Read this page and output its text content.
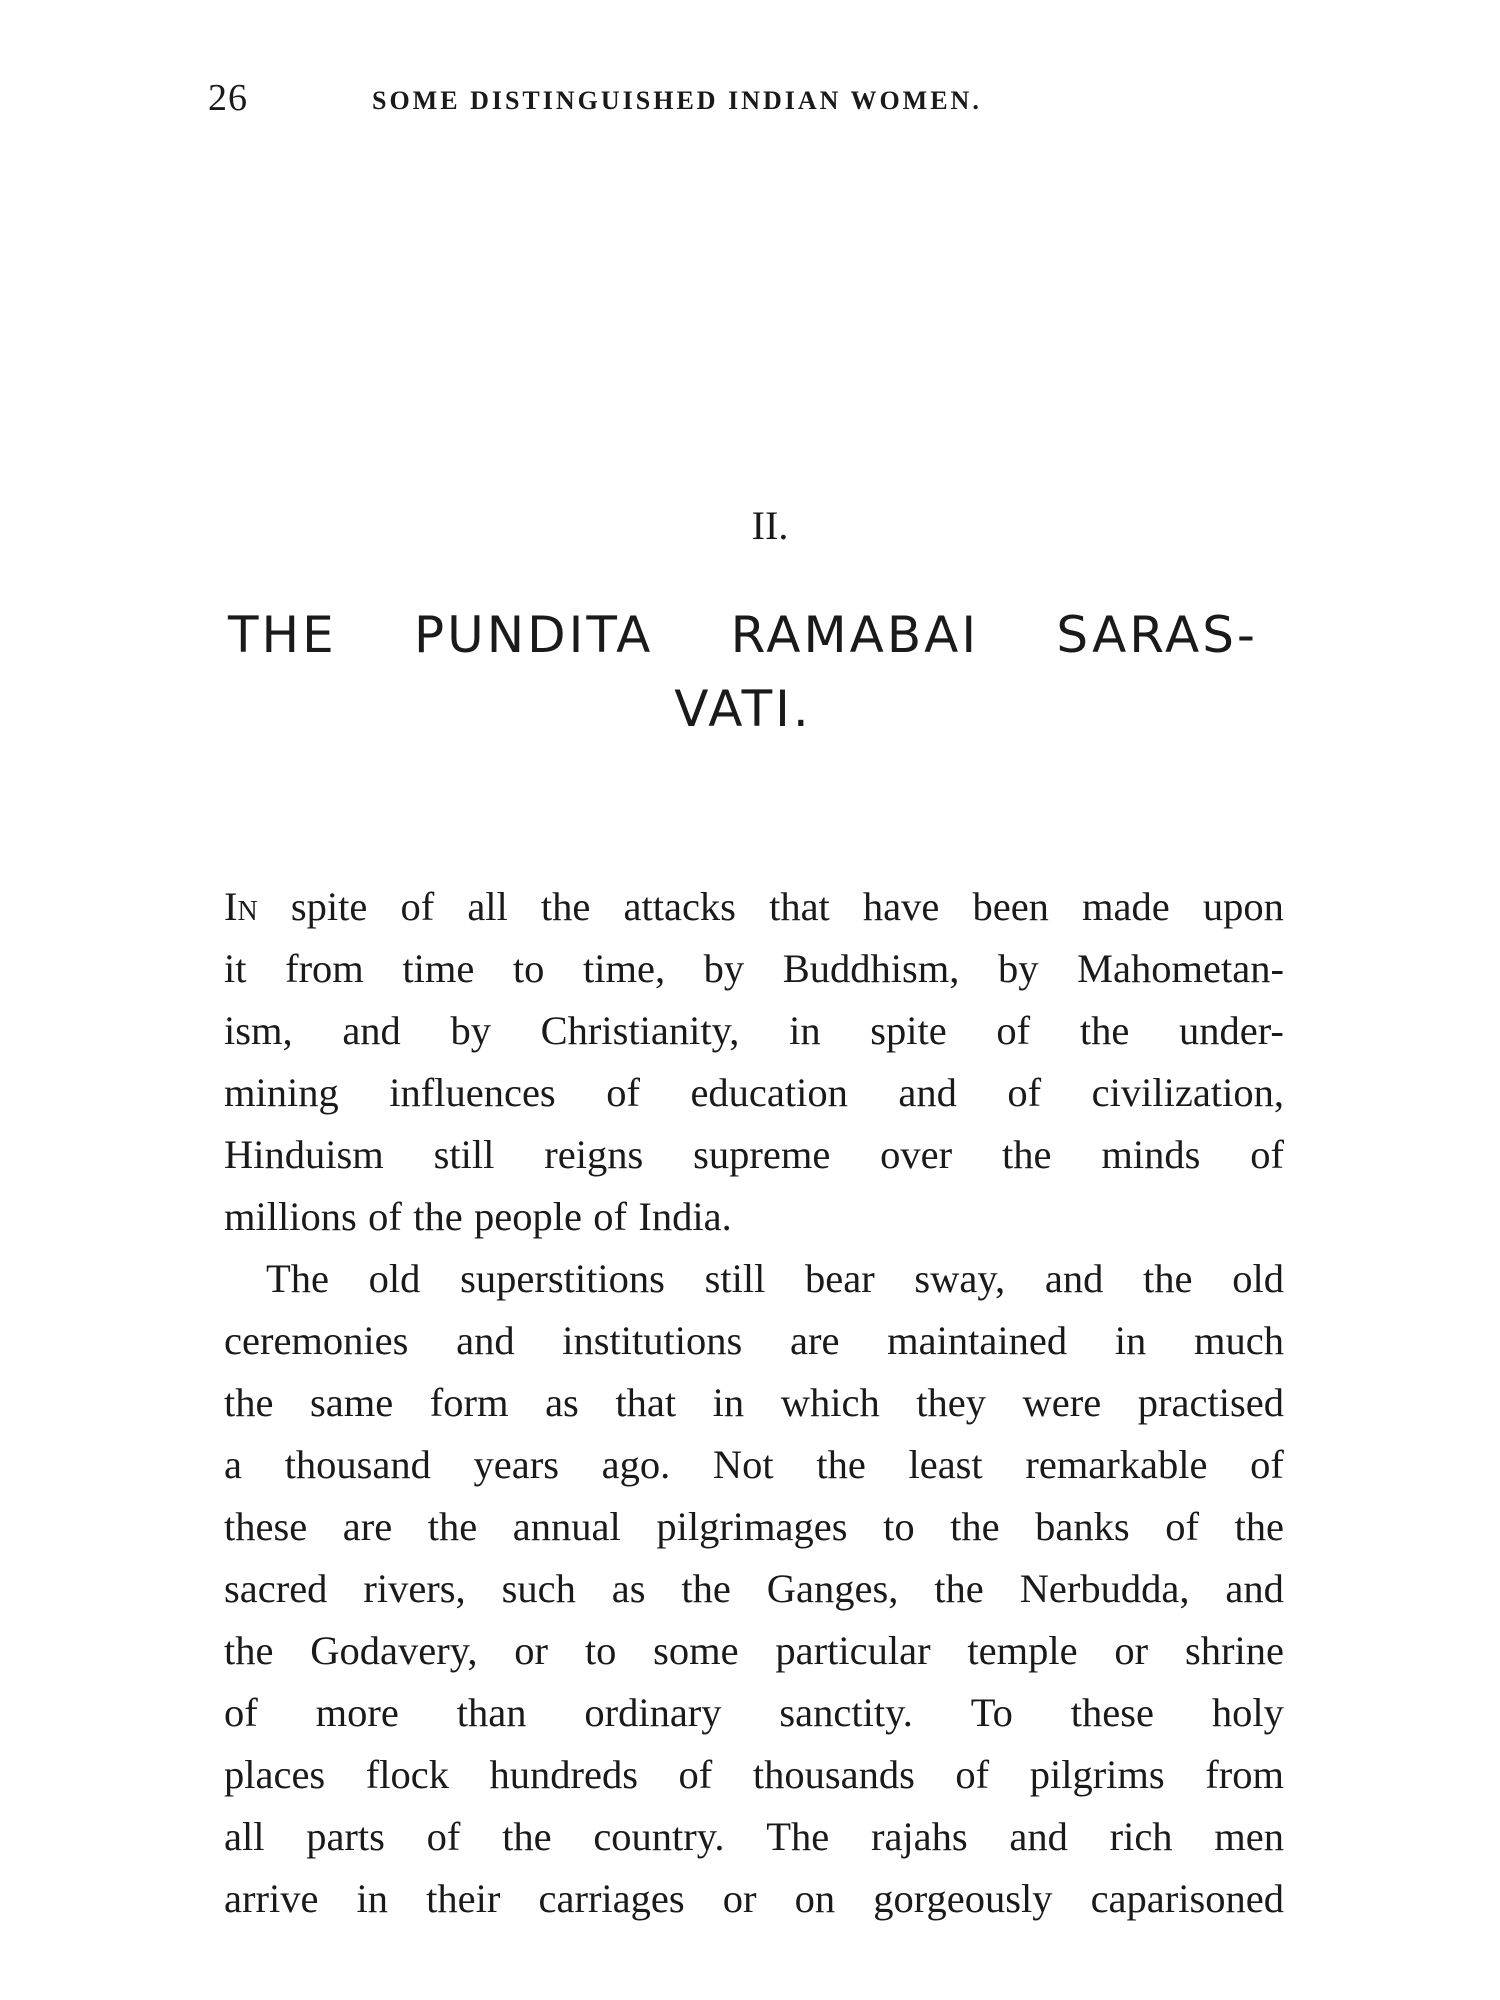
26	SOME DISTINGUISHED INDIAN WOMEN.
II.
THE PUNDITA RAMABAI SARAS-
VATI.
In spite of all the attacks that have been made upon
it from time to time, by Buddhism, by Mahometan-
ism, and by Christianity, in spite of the under-
mining influences of education and of civilization,
Hinduism still reigns supreme over the minds of
millions of the people of India.
The old superstitions still bear sway, and the old
ceremonies and institutions are maintained in much
the same form as that in which they were practised
a thousand years ago. Not the least remarkable of
these are the annual pilgrimages to the banks of the
sacred rivers, such as the Ganges, the Nerbudda, and
the Godavery, or to some particular temple or shrine
of more than ordinary sanctity. To these holy
places flock hundreds of thousands of pilgrims from
all parts of the country. The rajahs and rich men
arrive in their carriages or on gorgeously caparisoned
